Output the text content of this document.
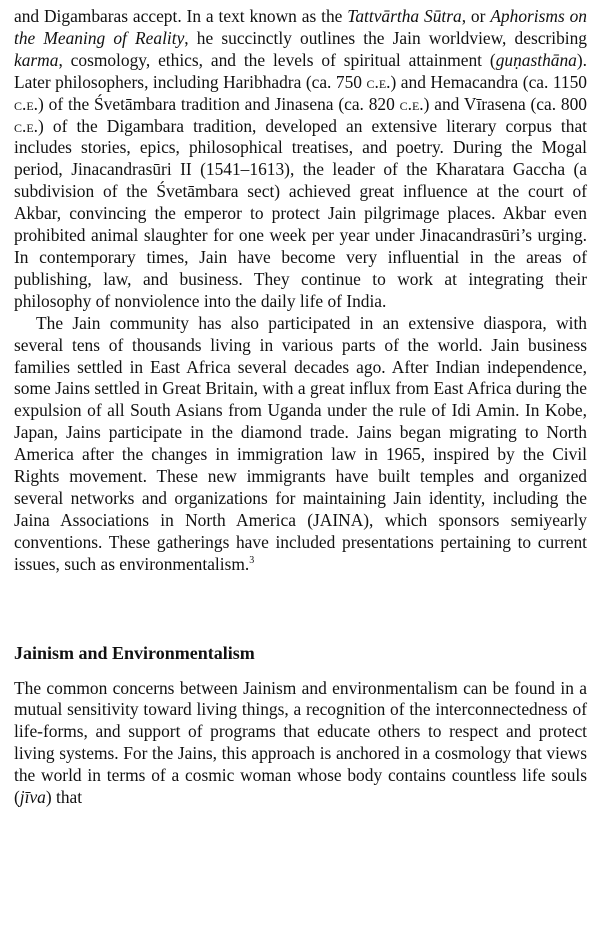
and Digambaras accept. In a text known as the Tattvārtha Sūtra, or Aphorisms on the Meaning of Reality, he succinctly outlines the Jain worldview, describing karma, cosmology, ethics, and the levels of spiritual attainment (guṇasthāna). Later philosophers, including Haribhadra (ca. 750 c.e.) and Hemacandra (ca. 1150 c.e.) of the Śvetāmbara tradition and Jinasena (ca. 820 c.e.) and Vīrasena (ca. 800 c.e.) of the Digambara tradition, developed an extensive literary corpus that includes stories, epics, philosophical treatises, and poetry. During the Mogal period, Jinacandrasūri II (1541–1613), the leader of the Kharatara Gaccha (a subdivision of the Śvetāmbara sect) achieved great influence at the court of Akbar, convincing the emperor to protect Jain pilgrimage places. Akbar even prohibited animal slaughter for one week per year under Jinacandrasūri’s urging. In contemporary times, Jain have become very influential in the areas of publishing, law, and business. They continue to work at integrating their philosophy of nonviolence into the daily life of India.

The Jain community has also participated in an extensive diaspora, with several tens of thousands living in various parts of the world. Jain business families settled in East Africa several decades ago. After Indian independence, some Jains settled in Great Britain, with a great influx from East Africa during the expulsion of all South Asians from Uganda under the rule of Idi Amin. In Kobe, Japan, Jains participate in the diamond trade. Jains began migrating to North America after the changes in immigration law in 1965, inspired by the Civil Rights movement. These new immigrants have built temples and organized several networks and organizations for maintaining Jain identity, including the Jaina Associations in North America (JAINA), which sponsors semiyearly conventions. These gatherings have included presentations pertaining to current issues, such as environmentalism.$^3$

Jainism and Environmentalism

The common concerns between Jainism and environmentalism can be found in a mutual sensitivity toward living things, a recognition of the interconnectedness of life-forms, and support of programs that educate others to respect and protect living systems. For the Jains, this approach is anchored in a cosmology that views the world in terms of a cosmic woman whose body contains countless life souls (jīva) that
